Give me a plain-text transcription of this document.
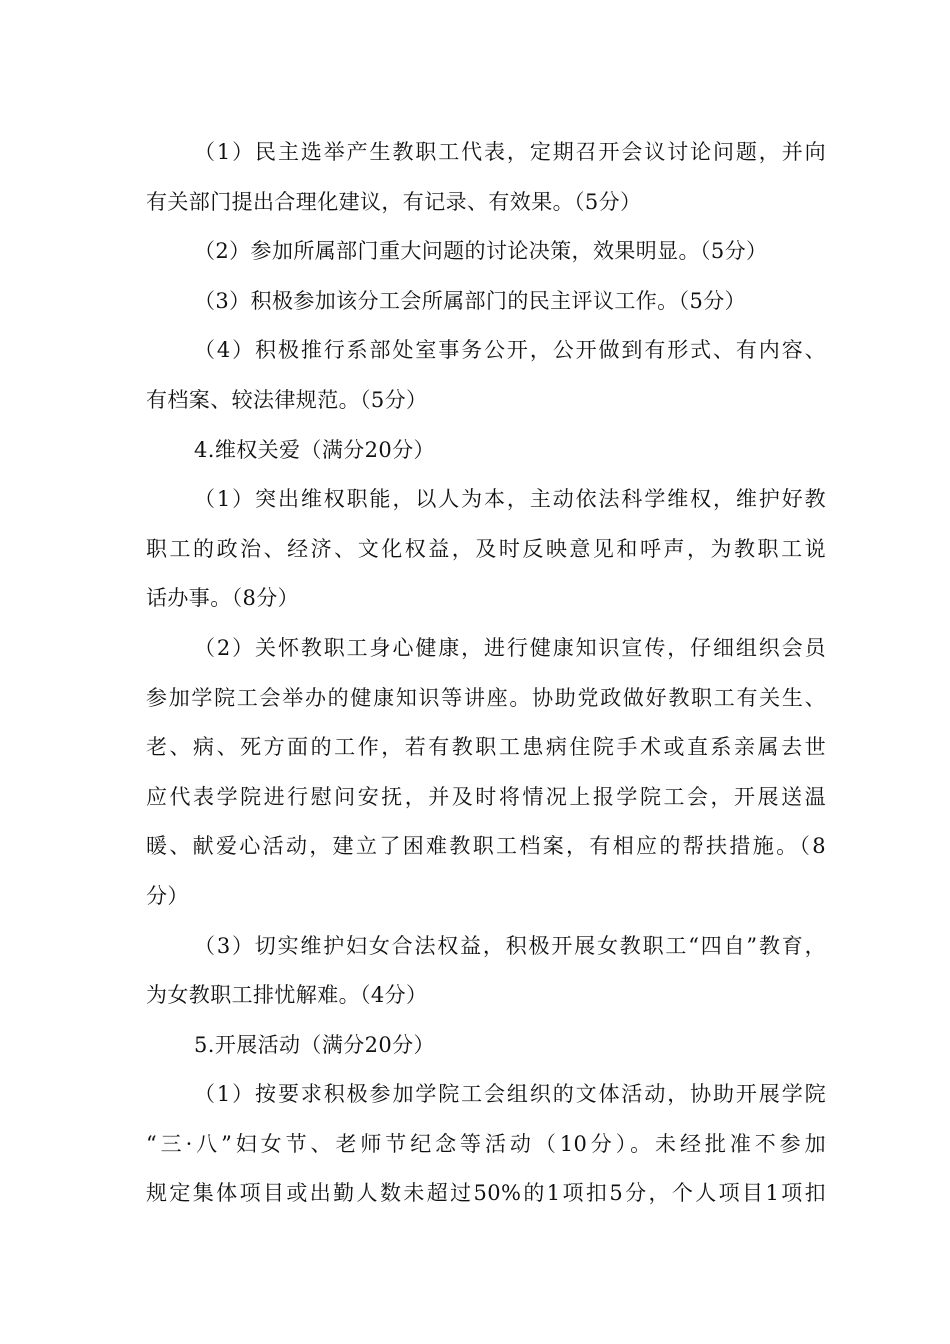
（1）民主选举产生教职工代表，定期召开会议讨论问题，并向
有关部门提出合理化建议，有记录、有效果。（5分）
（2）参加所属部门重大问题的讨论决策，效果明显。（5分）
（3）积极参加该分工会所属部门的民主评议工作。（5分）
（4）积极推行系部处室事务公开，公开做到有形式、有内容、
有档案、较法律规范。（5分）
4.维权关爱（满分20分）
（1）突出维权职能，以人为本，主动依法科学维权，维护好教
职工的政治、经济、文化权益，及时反映意见和呼声，为教职工说
话办事。（8分）
（2）关怀教职工身心健康，进行健康知识宣传，仔细组织会员
参加学院工会举办的健康知识等讲座。协助党政做好教职工有关生、
老、病、死方面的工作，若有教职工患病住院手术或直系亲属去世
应代表学院进行慰问安抚，并及时将情况上报学院工会，开展送温
暖、献爱心活动，建立了困难教职工档案，有相应的帮扶措施。（8
分）
（3）切实维护妇女合法权益，积极开展女教职工“四自”教育，
为女教职工排忧解难。（4分）
5.开展活动（满分20分）
（1）按要求积极参加学院工会组织的文体活动，协助开展学院
“三·八”妇女节、老师节纪念等活动（10分）。未经批准不参加
规定集体项目或出勤人数未超过50%的1项扣5分，个人项目1项扣
